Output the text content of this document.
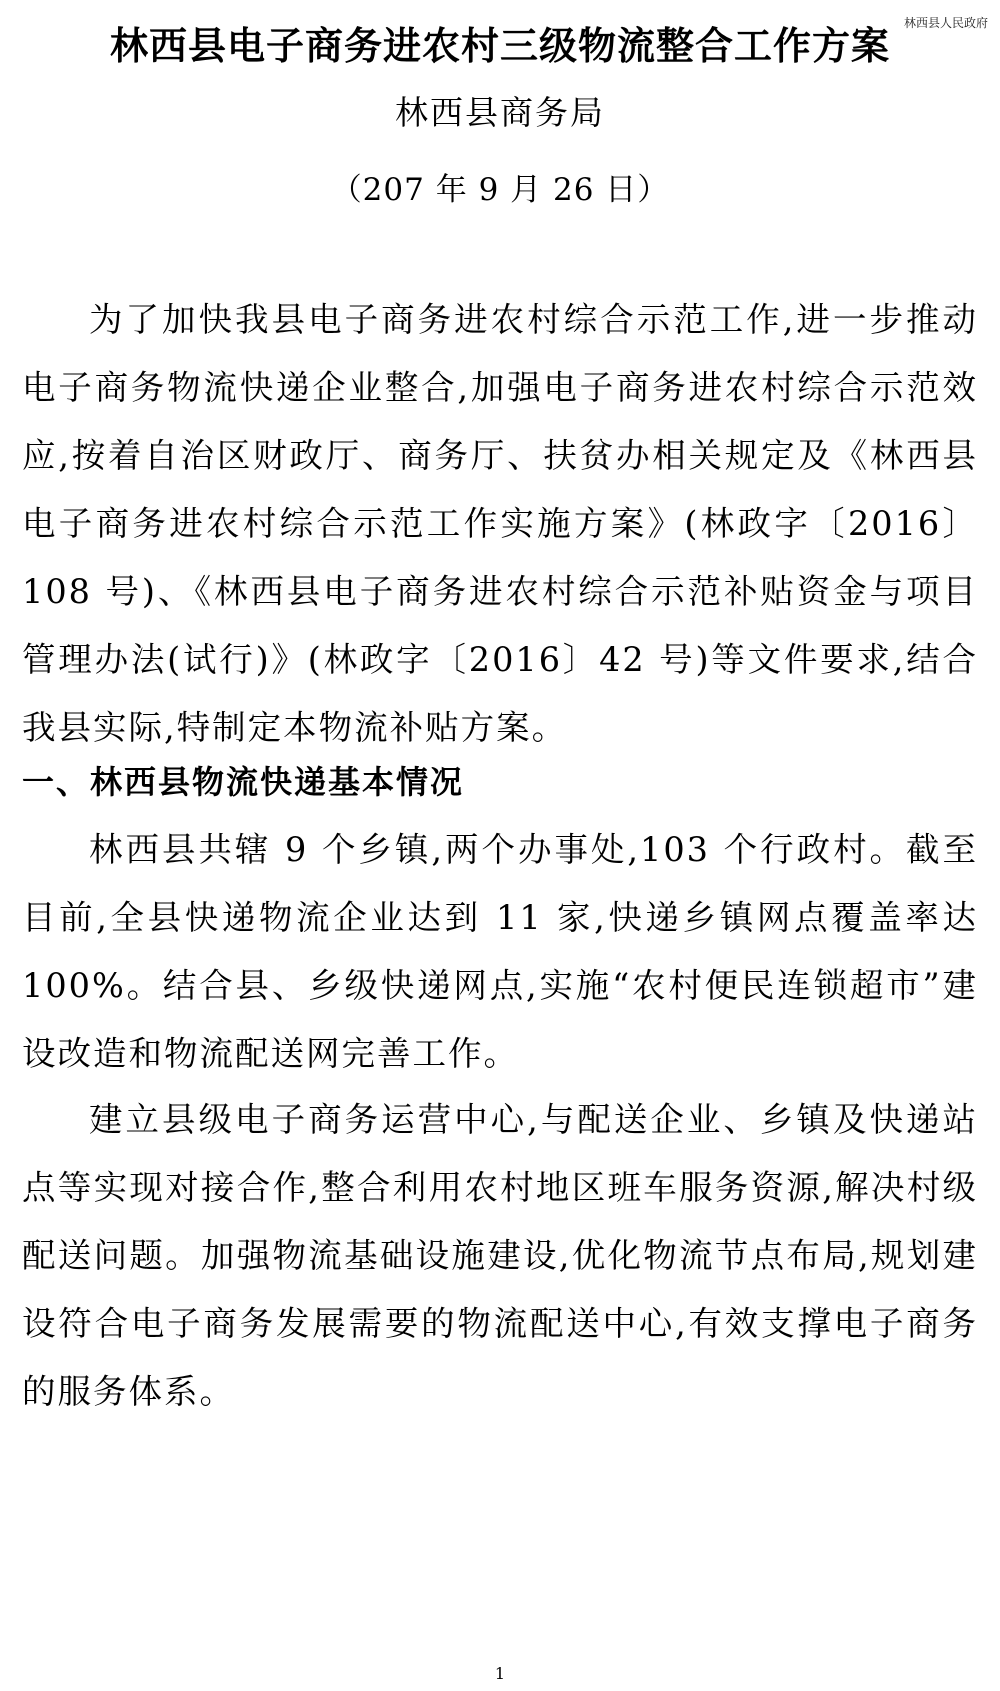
林西县人民政府
林西县电子商务进农村三级物流整合工作方案

林西县商务局

（207 年 9 月 26 日）

为了加快我县电子商务进农村综合示范工作,进一步推动电子商务物流快递企业整合,加强电子商务进农村综合示范效应,按着自治区财政厅、商务厅、扶贫办相关规定及《林西县电子商务进农村综合示范工作实施方案》(林政字〔2016〕108 号)、《林西县电子商务进农村综合示范补贴资金与项目管理办法(试行)》(林政字〔2016〕42 号)等文件要求,结合我县实际,特制定本物流补贴方案。

一、林西县物流快递基本情况

林西县共辖 9 个乡镇,两个办事处,103 个行政村。截至目前,全县快递物流企业达到 11 家,快递乡镇网点覆盖率达 100%。结合县、乡级快递网点,实施“农村便民连锁超市”建设改造和物流配送网完善工作。

建立县级电子商务运营中心,与配送企业、乡镇及快递站点等实现对接合作,整合利用农村地区班车服务资源,解决村级配送问题。加强物流基础设施建设,优化物流节点布局,规划建设符合电子商务发展需要的物流配送中心,有效支撑电子商务的服务体系。

1
